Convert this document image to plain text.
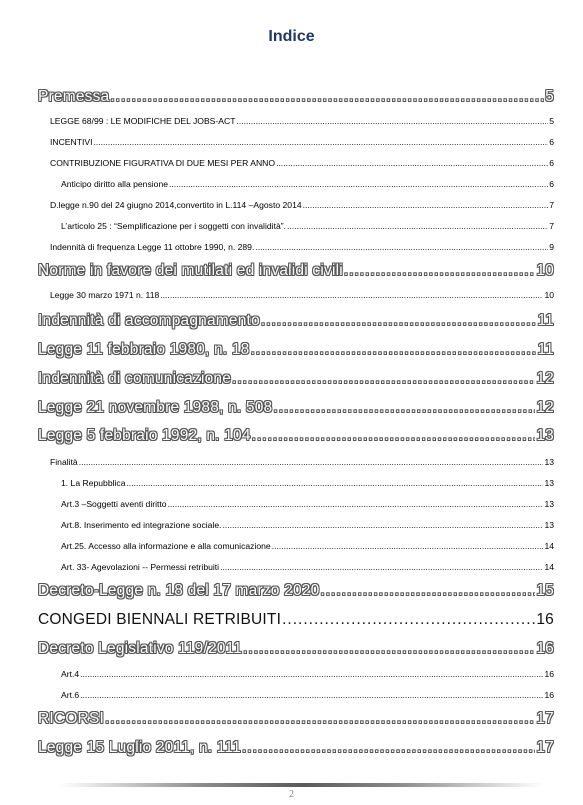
Indice
Premessa .....	5
LEGGE 68/99 : LE MODIFICHE DEL JOBS-ACT .....	5
INCENTIVI .....	6
CONTRIBUZIONE FIGURATIVA DI DUE MESI PER ANNO .....	6
Anticipo diritto alla pensione .....	6
D.legge n.90 del 24 giugno 2014,convertito in L.114 –Agosto 2014 .....	7
L’articolo 25 : “Semplificazione per i soggetti con invalidità”. .....	7
Indennità di frequenza Legge 11 ottobre 1990, n. 289. .....	9
Norme in favore dei mutilati ed invalidi civili .....	10
Legge 30 marzo 1971 n. 118 .....	10
Indennità di accompagnamento .....	11
Legge 11 febbraio 1980, n. 18 .....	11
Indennità di comunicazione .....	12
Legge 21 novembre 1988, n. 508 .....	12
Legge 5 febbraio 1992, n. 104 .....	13
Finalità .....	13
1. La Repubblica .....	13
Art.3 –Soggetti aventi diritto .....	13
Art.8. Inserimento ed integrazione sociale. .....	13
Art.25. Accesso alla informazione e alla comunicazione .....	14
Art. 33- Agevolazioni -- Permessi retribuiti .....	14
Decreto-Legge n. 18 del 17 marzo 2020 .....	15
CONGEDI BIENNALI RETRIBUITI .....	16
Decreto Legislativo 119/2011 .....	16
Art.4 .....	16
Art.6 .....	16
RICORSI .....	17
Legge 15 Luglio 2011, n. 111 .....	17
2
